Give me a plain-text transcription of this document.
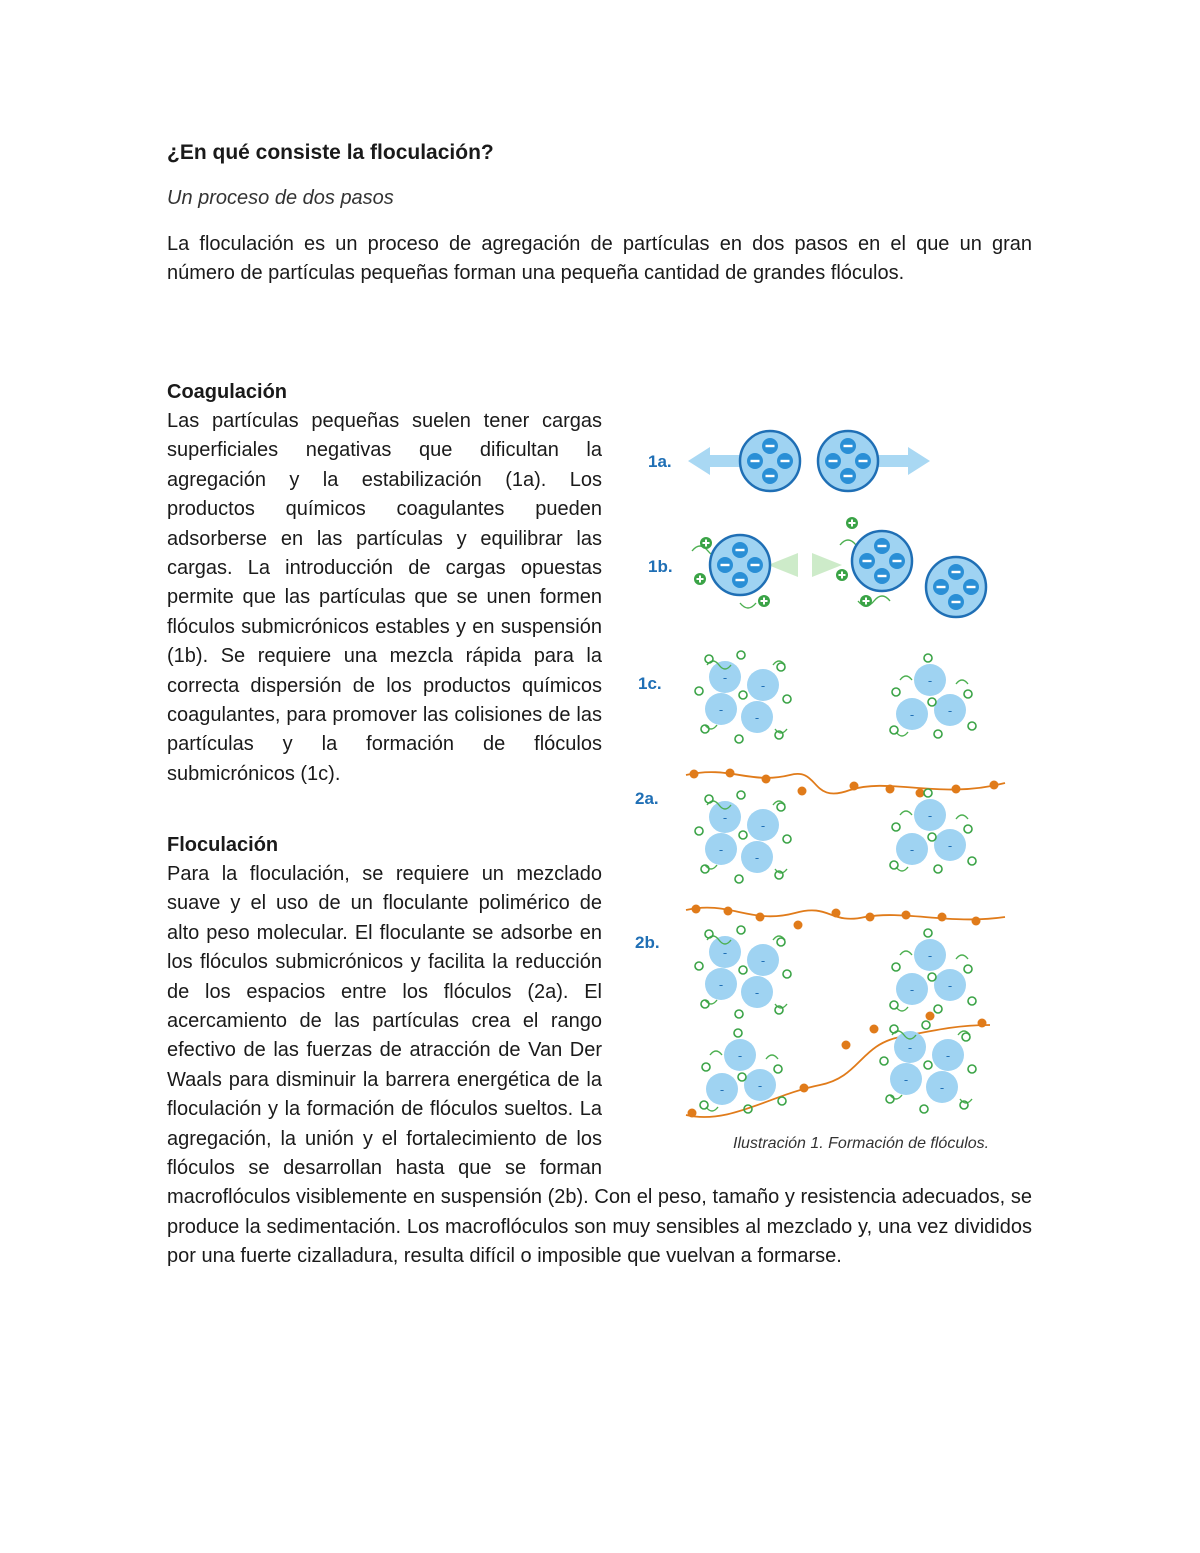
¿En qué consiste la floculación?
Un proceso de dos pasos

La floculación es un proceso de agregación de partículas en dos pasos en el que un gran número de partículas pequeñas forman una pequeña cantidad de grandes flóculos.

Coagulación

Las partículas pequeñas suelen tener cargas superficiales negativas que dificultan la agregación y la estabilización (1a). Los productos químicos coagulantes pueden adsorberse en las partículas y equilibrar las cargas. La introducción de cargas opuestas permite que las partículas que se unen formen flóculos submicrónicos estables y en suspensión (1b). Se requiere una mezcla rápida para la correcta dispersión de los productos químicos coagulantes, para promover las colisiones de las partículas y la formación de flóculos submicrónicos (1c).

Floculación

Para la floculación, se requiere un mezclado suave y el uso de un floculante polimérico de alto peso molecular. El floculante se adsorbe en los flóculos submicrónicos y facilita la reducción de los espacios entre los flóculos (2a). El acercamiento de las partículas crea el rango efectivo de las fuerzas de atracción de Van Der Waals para disminuir la barrera energética de la floculación y la formación de flóculos sueltos. La agregación, la unión y el fortalecimiento de los flóculos se desarrollan hasta que se forman macroflóculos visiblemente en suspensión (2b). Con el peso, tamaño y resistencia adecuados, se produce la sedimentación. Los macroflóculos son muy sensibles al mezclado y, una vez divididos por una fuerte cizalladura, resulta difícil o imposible que vuelvan a formarse.

-
1a.
1b.
1c.
2a.
2b.

Ilustración 1. Formación de flóculos.
